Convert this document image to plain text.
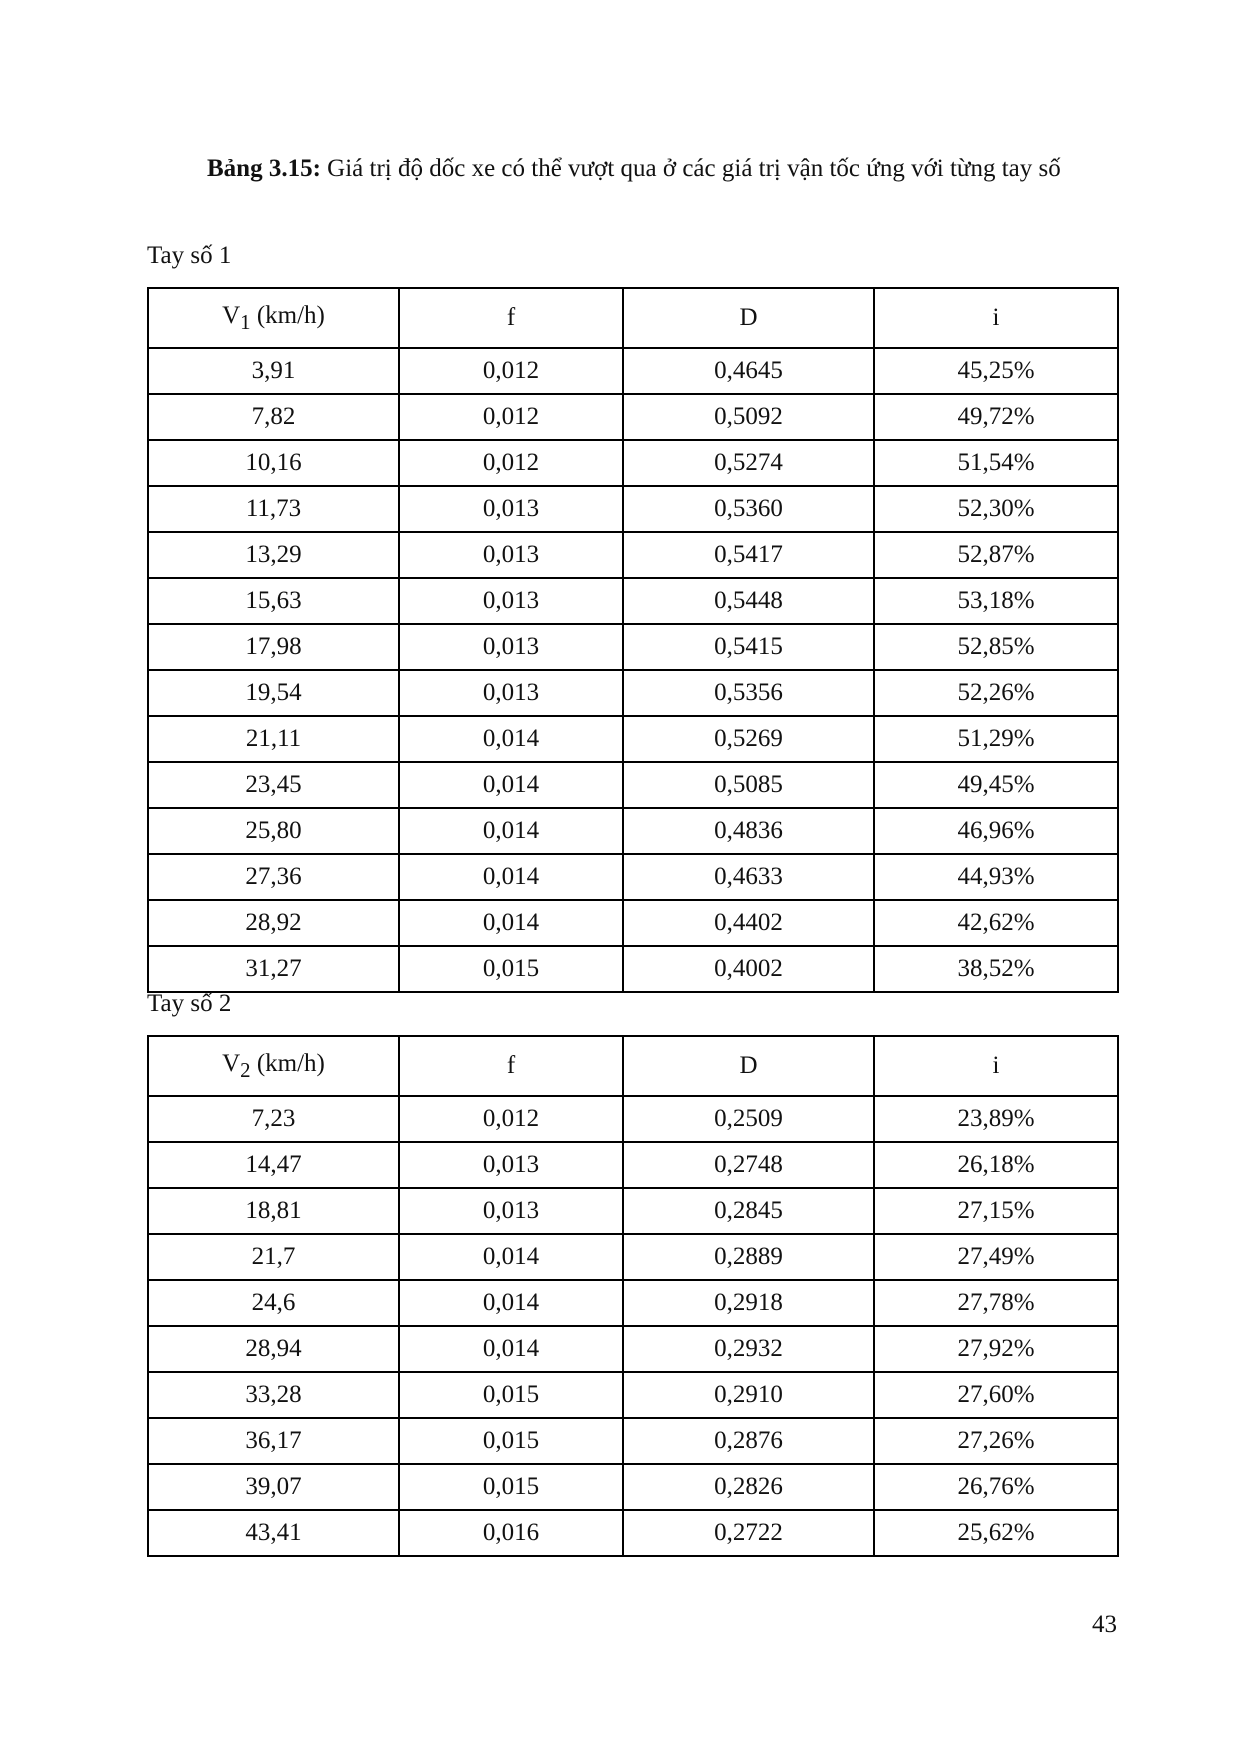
Bảng 3.15: Giá trị độ dốc xe có thể vượt qua ở các giá trị vận tốc ứng với từng tay số
Tay số 1
$V_1$ (km/h)	f	D	i
3,91	0,012	0,4645	45,25%
7,82	0,012	0,5092	49,72%
10,16	0,012	0,5274	51,54%
11,73	0,013	0,5360	52,30%
13,29	0,013	0,5417	52,87%
15,63	0,013	0,5448	53,18%
17,98	0,013	0,5415	52,85%
19,54	0,013	0,5356	52,26%
21,11	0,014	0,5269	51,29%
23,45	0,014	0,5085	49,45%
25,80	0,014	0,4836	46,96%
27,36	0,014	0,4633	44,93%
28,92	0,014	0,4402	42,62%
31,27	0,015	0,4002	38,52%
Tay số 2
$V_2$ (km/h)	f	D	i
7,23	0,012	0,2509	23,89%
14,47	0,013	0,2748	26,18%
18,81	0,013	0,2845	27,15%
21,7	0,014	0,2889	27,49%
24,6	0,014	0,2918	27,78%
28,94	0,014	0,2932	27,92%
33,28	0,015	0,2910	27,60%
36,17	0,015	0,2876	27,26%
39,07	0,015	0,2826	26,76%
43,41	0,016	0,2722	25,62%
43
